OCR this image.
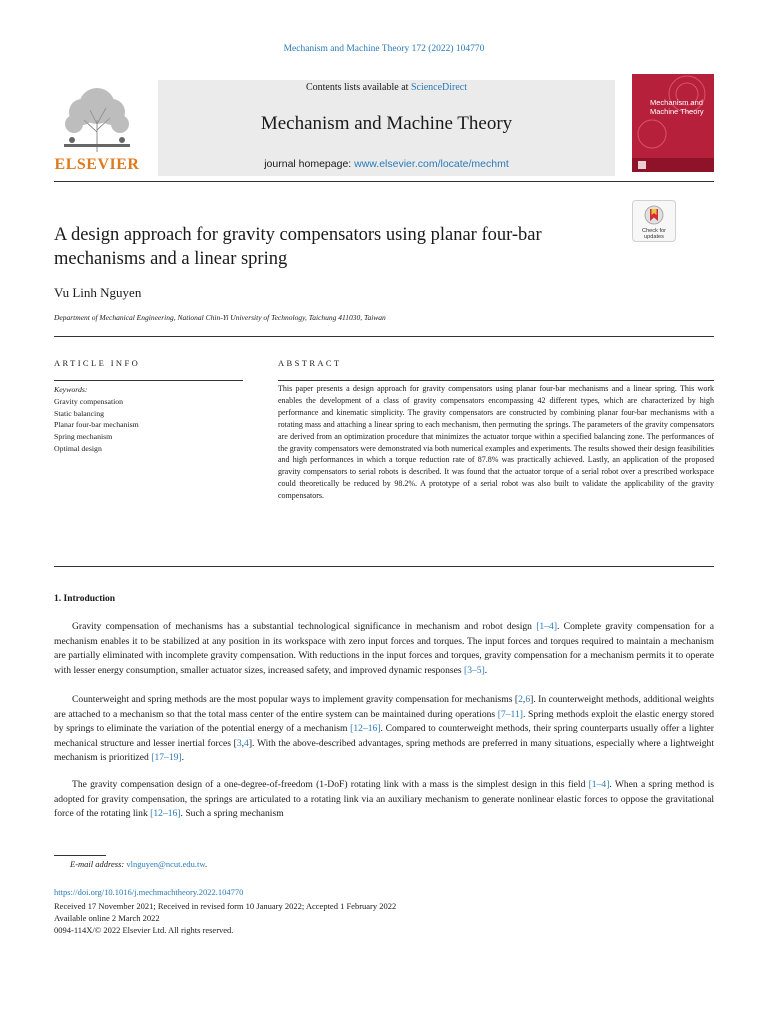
Mechanism and Machine Theory 172 (2022) 104770
ELSEVIER
Contents lists available at ScienceDirect
Mechanism and Machine Theory
journal homepage: www.elsevier.com/locate/mechmt
Mechanism and Machine Theory
A design approach for gravity compensators using planar four-bar mechanisms and a linear spring
Check for
updates
Vu Linh Nguyen
Department of Mechanical Engineering, National Chin-Yi University of Technology, Taichung 411030, Taiwan
ARTICLE INFO	ABSTRACT
Keywords:
Gravity compensation
Static balancing
Planar four-bar mechanism
Spring mechanism
Optimal design
This paper presents a design approach for gravity compensators using planar four-bar mechanisms and a linear spring. This work enables the development of a class of gravity compensators encompassing 42 different types, which are characterized by high performance and kinematic simplicity. The gravity compensators are constructed by combining planar four-bar mechanisms with a rotating mass and attaching a linear spring to each mechanism, then permuting the springs. The parameters of the gravity compensators are derived from an optimization procedure that minimizes the actuator torque within a specified balancing zone. The performances of the gravity compensators were demonstrated via both numerical examples and experiments. The results showed their design feasibilities and high performances in which a torque reduction rate of 87.8% was practically achieved. Lastly, an application of the proposed gravity compensators to serial robots is described. It was found that the actuator torque of a serial robot over a prescribed workspace could theoretically be reduced by 98.2%. A prototype of a serial robot was also built to validate the applicability of the gravity compensators.
1. Introduction
Gravity compensation of mechanisms has a substantial technological significance in mechanism and robot design [1–4]. Complete gravity compensation for a mechanism enables it to be stabilized at any position in its workspace with zero input forces and torques. The input forces and torques required to maintain a mechanism are partially eliminated with incomplete gravity compensation. With reductions in the input forces and torques, gravity compensation for a mechanism permits it to operate with lesser energy consumption, smaller actuator sizes, increased safety, and improved dynamic responses [3–5].
Counterweight and spring methods are the most popular ways to implement gravity compensation for mechanisms [2,6]. In counterweight methods, additional weights are attached to a mechanism so that the total mass center of the entire system can be maintained during operations [7–11]. Spring methods exploit the elastic energy stored by springs to eliminate the variation of the potential energy of a mechanism [12–16]. Compared to counterweight methods, their spring counterparts usually offer a lighter mechanical structure and lesser inertial forces [3,4]. With the above-described advantages, spring methods are preferred in many situations, especially where a lightweight mechanism is prioritized [17–19].
The gravity compensation design of a one-degree-of-freedom (1-DoF) rotating link with a mass is the simplest design in this field [1–4]. When a spring method is adopted for gravity compensation, the springs are articulated to a rotating link via an auxiliary mechanism to generate nonlinear elastic forces to oppose the gravitational force of the rotating link [12–16]. Such a spring mechanism
E-mail address: vlnguyen@ncut.edu.tw.
https://doi.org/10.1016/j.mechmachtheory.2022.104770
Received 17 November 2021; Received in revised form 10 January 2022; Accepted 1 February 2022
Available online 2 March 2022
0094-114X/© 2022 Elsevier Ltd. All rights reserved.
